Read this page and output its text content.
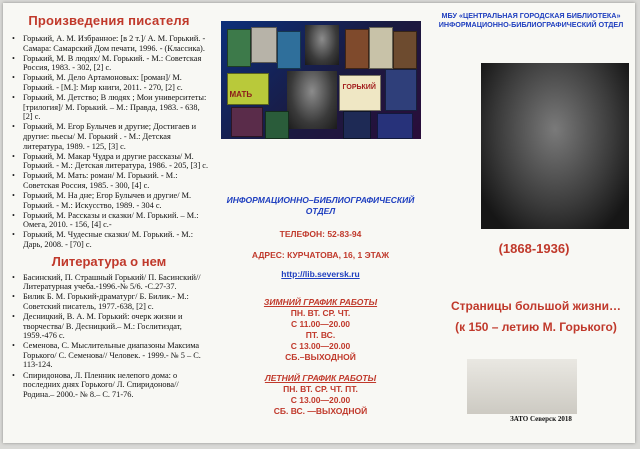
Произведения писателя
• Горький, А. М. Избранное: [в 2 т.]/ А. М. Горький. - Самара: Самарский Дом печати, 1996. - (Классика).
• Горький, М. В людях/ М. Горький. - М.: Советская Россия, 1983. - 302, [2] с.
• Горький, М. Дело Артамоновых: [роман]/ М. Горький. - [М.]: Мир книги, 2011. - 270, [2] с.
• Горький, М. Детство; В людях ; Мои университеты: [трилогия]/ М. Горький. – М.: Правда, 1983. - 638, [2] с.
• Горький, М. Егор Булычев и другие; Достигаев и другие: пьесы/ М. Горький . - М.: Детская литература, 1989. - 125, [3] с.
• Горький, М. Макар Чудра и другие рассказы/ М. Горький. - М.: Детская литература, 1986. - 205, [3] с.
• Горький, М. Мать: роман/ М. Горький. - М.: Советская Россия, 1985. - 300, [4] с.
• Горький, М. На дне; Егор Булычев и другие/ М. Горький. - М.: Искусство, 1989. - 304 с.
• Горький, М. Рассказы и сказки/ М. Горький. – М.: Омега, 2010. - 156, [4] с.-
• Горький, М. Чудесные сказки/ М. Горький. - М.: Дарь, 2008. - [70] с.
Литература о нем
• Басинский, П. Страшный Горький/ П. Басинский//Литературная учеба.-1996.-№ 5/6. -С.27-37.
• Билик Б. М. Горький-драматург/ Б. Билик.- М.: Советский писатель, 1977.-638, [2] с.
• Десницкий, В. А. М. Горький: очерк жизни и творчества/ В. Десницкий.– М.: Гослитиздат, 1959.-476 с.
• Семенова, С. Мыслительные диапазоны Максима Горького/ С. Семенова// Человек. - 1999.- № 5 – С. 113-124.
• Спиридонова, Л. Пленник нелепого дома: о последних днях Горького/ Л. Спиридонова// Родина.– 2000.- № 8.– С. 71-76.
МАТЬ
ГОРЬКИЙ
ИНФОРМАЦИОННО–БИБЛИОГРАФИЧЕСКИЙ
ОТДЕЛ
ТЕЛЕФОН: 52-83-94
АДРЕС: КУРЧАТОВА, 16, 1 ЭТАЖ
http://lib.seversk.ru
ЗИМНИЙ ГРАФИК РАБОТЫ
ПН. ВТ. СР. ЧТ.
С 11.00—20.00
ПТ. ВС.
С 13.00—20.00
СБ.–ВЫХОДНОЙ
ЛЕТНИЙ ГРАФИК РАБОТЫ
ПН. ВТ. СР. ЧТ. ПТ.
С 13.00—20.00
СБ. ВС. —ВЫХОДНОЙ
МБУ «ЦЕНТРАЛЬНАЯ ГОРОДСКАЯ БИБЛИОТЕКА»
ИНФОРМАЦИОННО-БИБЛИОГРАФИЧЕСКИЙ ОТДЕЛ
(1868-1936)
Страницы большой жизни…
(к 150 – летию М. Горького)
ЗАТО Северск 2018
